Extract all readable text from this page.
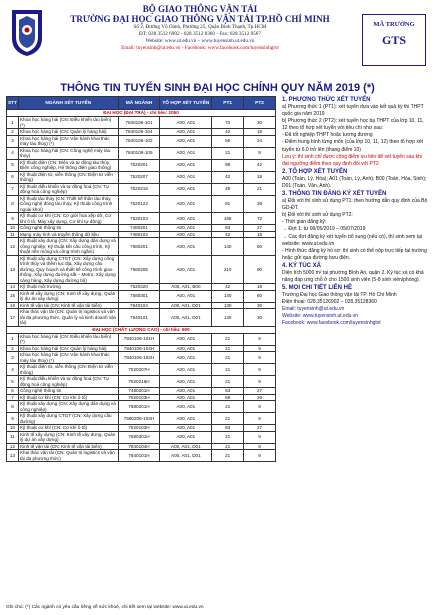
BỘ GIAO THÔNG VẬN TẢI
TRƯỜNG ĐẠI HỌC GIAO THÔNG VẬN TẢI TP.HỒ CHÍ MINH
Số 2, Đường Võ Oanh, Phường 25, Quận Bình Thạnh, Tp.HCM
ĐT: 028 3512 6902 - 028 3512 8360 - Fax: 028 3512 0567
Website: www.ut.edu.vn – www.tuyensinh.ut.edu.vn
Email: tuyensinh@ut.edu.vn - Facebook: www.facebook.com/tuyensinhgtvt
MÃ TRƯỜNG
GTS
THÔNG TIN TUYỂN SINH ĐẠI HỌC CHÍNH QUY NĂM 2019 (*)
STT	NGÀNH XÉT TUYỂN	MÃ NGÀNH	TỔ HỢP XÉT TUYỂN	PT1	PT2
ĐẠI HỌC (ĐẠI TRÀ) - chỉ tiêu: 2050					
1	Khoa học hàng hải (CN: Điều khiển tàu biển) (*)	7840106-101	A00, A01	70	30
2	Khoa học hàng hải (CN: Quản lý hàng hải)	7840106-104	A00, A01	42	18
3	Khoa học hàng hải (CN: Vận hành khai thác máy tàu thủy) (*)	7840106-102	A00, A01	56	24
4	Khoa học hàng hải (CN: Công nghệ máy tàu thủy)	7840106-105	A00, A01	21	9
5	Kỹ thuật điện (CN: Điện và tự động tàu thủy, Điện công nghiệp, Hệ thống điện giao thông)	7520201	A00, A01	98	42
6	Kỹ thuật điện tử, viễn thông (CN: Điện tử viễn thông)	7520207	A00, A01	42	18
7	Kỹ thuật điều khiển và tự động hoá (CN: Tự động hoá công nghiệp)	7520216	A00, A01	49	21
8	Kỹ thuật tàu thủy (CN: Thiết kế thân tàu thủy, Công nghệ đóng tàu thủy, Kỹ thuật công trình ngoài khơi)	7520122	A00, A01	91	39
9	Kỹ thuật cơ khí (CN: Cơ giới hoá xếp dỡ, Cơ khí ô tô, Máy xây dựng, Cơ khí tự động)	7520103	A00, A01	168	72
10	Công nghệ thông tin	7480201	A00, A01	63	27
11	Mạng máy tính và truyền thông dữ liệu	7480102	A00, A01	42	18
12	Kỹ thuật xây dựng (CN: Xây dựng dân dụng và công nghiệp, Kỹ thuật kết cấu công trình, Kỹ thuật nền móng và công trình ngầm)	7580201	A00, A01	140	60
13	Kỹ thuật xây dựng CTGT (CN: Xây dựng công trình thủy và thềm lục địa, Xây dựng cầu đường, Quy hoạch và thiết kế công trình giao thông, Xây dựng đường sắt – Metro, Xây dựng cảng hàng, Xây dựng đường bộ)	7580205	A00, A01	210	90
14	Kỹ thuật môi trường	7520320	A00, A01, B00	42	18
15	Kinh tế xây dựng (CN: Kinh tế xây dựng, Quản lý dự án xây dựng)	7580301	A00, A01	140	60
16	Kinh tế vận tải (CN: Kinh tế vận tải biển)	7840104	A00, A01, D01	130	30
17	Khai thác vận tải (CN: Quản trị logistics và vận tải đa phương thức, Quản lý và kinh doanh vận tải)	7840101	A00, A01, D01	130	30
ĐẠI HỌC (CHẤT LƯỢNG CAO) - chỉ tiêu: 600					
1	Khoa học hàng hải (CN: Điều khiển tàu biển) (*)	7840106-101H	A00, A01	21	9
2	Khoa học hàng hải (CN: Quản lý hàng hải)	7840106-104H	A00, A01	21	9
3	Khoa học hàng hải (CN: Vận hành khai thác máy tàu thủy) (*)	7840106-102H	A00, A01	21	9
4	Kỹ thuật điện tử, viễn thông (CN: Điện tử viễn thông)	7520207H	A00, A01	21	9
5	Kỹ thuật điều khiển và tự động hoá (CN: Tự động hoá công nghiệp)	7520216H	A00, A01	21	9
6	Công nghệ thông tin	7480201H	A00, A01	63	27
7	Kỹ thuật cơ khí (CN: Cơ khí ô tô)	7520103H	A00, A01	59	26
8	Kỹ thuật xây dựng (CN: Xây dựng dân dụng và công nghiệp)	7580201H	A00, A01	21	9
9	Kỹ thuật xây dựng CTGT (CN: Xây dựng cầu đường)	7580205-103H	A00, A01	21	9
10	Kỹ thuật cơ khí (CN: Cơ khí ô tô)	7520103H	A00, A01	63	27
11	Kinh tế xây dựng (CN: Kinh tế xây dựng, Quản lý dự án xây dựng)	7580301H	A00, A01	21	9
12	Kinh tế vận tải (CN: Kinh tế vận tải biển)	7840104H	A00, A01, D01	21	9
13	Khai thác vận tải (CN: Quản trị logistics và vận tải đa phương thức)	7840101H	A00, A01, D01	21	9
Ghi chú: (*) Các ngành có yêu cầu riêng về sức khoẻ, chi tiết xem tại website: www.ut.edu.vn
1. PHƯƠNG THỨC XÉT TUYỂN

a) Phương thức 1 (PT1): xét tuyển dựa vào kết quả kỳ thi THPT quốc gia năm 2019

b) Phương thức 2 (PT2): xét tuyển học bạ THPT của lớp 10, 11, 12 theo tổ hợp xét tuyển với tiêu chí như sau:

- Đã tốt nghiệp THPT hoặc tương đương

- Điểm trung bình từng môn (của lớp 10, 11, 12) theo tổ hợp xét tuyển từ 6.0 trở lên (thang điểm 10)

Lưu ý: thí sinh chỉ được cộng điểm ưu tiên để xét tuyển sau khi đạt ngưỡng điểm theo quy định đối với PT2.

2. TỔ HỢP XÉT TUYỂN

A00 (Toán, Lý, Hóa); A01 (Toán, Lý, Anh); B00 (Toán, Hóa, Sinh); D01 (Toán, Văn, Anh).

3. THÔNG TIN ĐĂNG KÝ XÉT TUYỂN

a) Đối với thí sinh sử dụng PT1: theo hướng dẫn quy định của Bộ GD-ĐT.

b) Đối với thí sinh sử dụng PT2:

- Thời gian đăng ký:

→ Đợt 1: từ 06/05/2019 – 05/07/2019

→ Các đợt đăng ký xét tuyển bổ sung (nếu có), thí sinh xem tại website: www.ut.edu.vn

- Hình thức đăng ký hồ sơ: thí sinh có thể nộp trực tiếp tại trường hoặc gửi qua đường bưu điện.

4. KÝ TÚC XÁ

Diện tích 5000 m² tại phường Bình An, quận 2. Ký túc xá có khả năng đáp ứng chỗ ở cho 1500 sinh viên (5-8 sinh viên/phòng).

5. MỌI CHI TIẾT LIÊN HỆ

Trường Đại học Giao thông vận tải TP. Hồ Chí Minh

Điện thoại: 028.35126902 – 028.35128360

Email: tuyensinh@ut.edu.vn

Website: www.tuyensinh.ut.edu.vn

Facebook: www.facebook.com/tuyensinhgtvt
